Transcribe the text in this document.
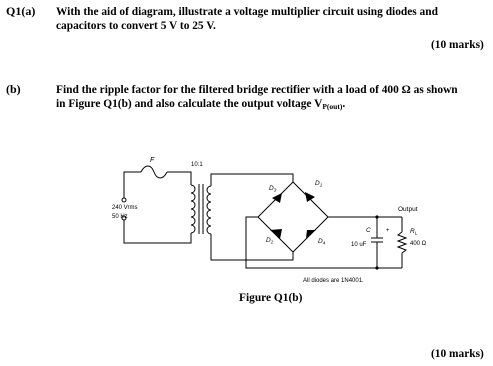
Q1(a) With the aid of diagram, illustrate a voltage multiplier circuit using diodes and
capacitors to convert 5 V to 25 V.
(10 marks)
(b)	Find the ripple factor for the filtered bridge rectifier with a load of 400 Ω as shown
in Figure Q1(b) and also calculate the output voltage $V_{P(out)}$.
F
10:1
240 Vrms
50 Hz
$D_3$
$D_1$
$D_2$	$D_4$
C	+
10 uF
Output
$R_L$
400 Ω
All diodes are 1N4001.
Figure Q1(b)
(10 marks)
